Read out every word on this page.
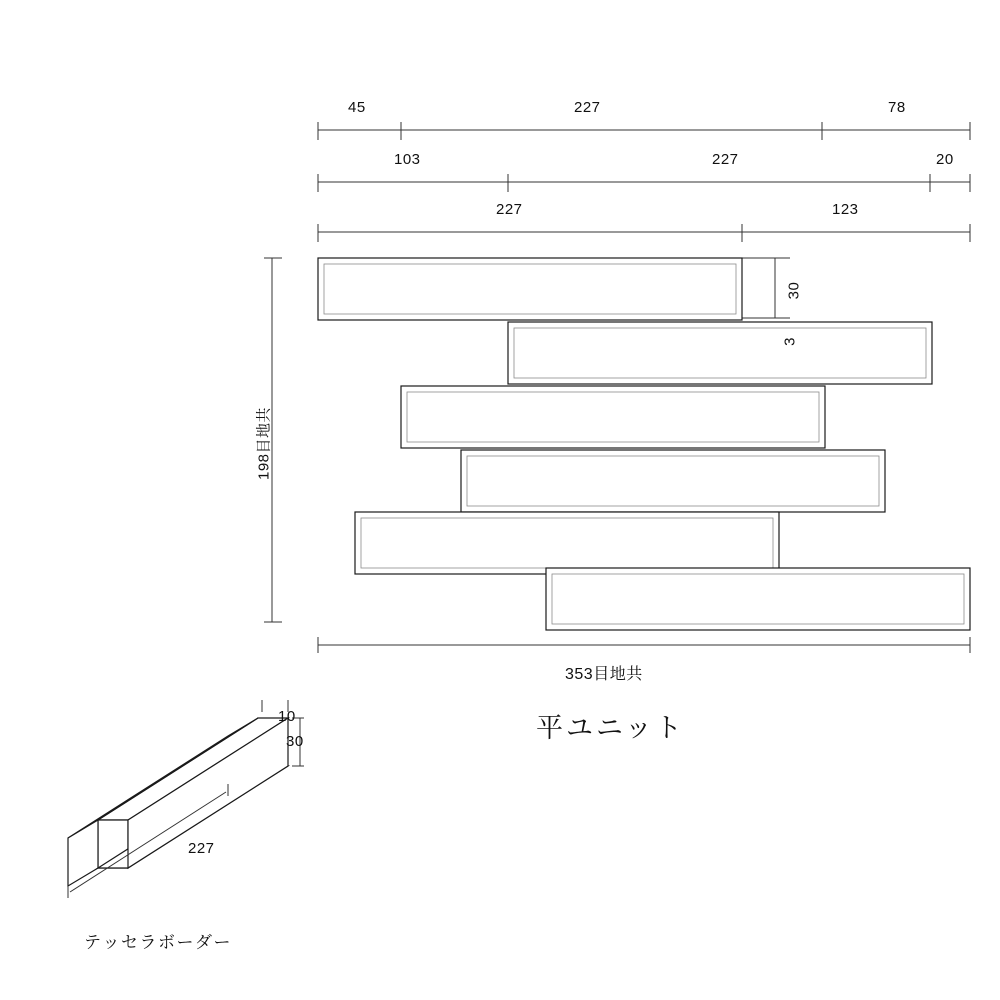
45	227	78
103	227	20
227	123
198目地共
30
3
353目地共
平ユニット
10
30
227
テッセラボーダー
